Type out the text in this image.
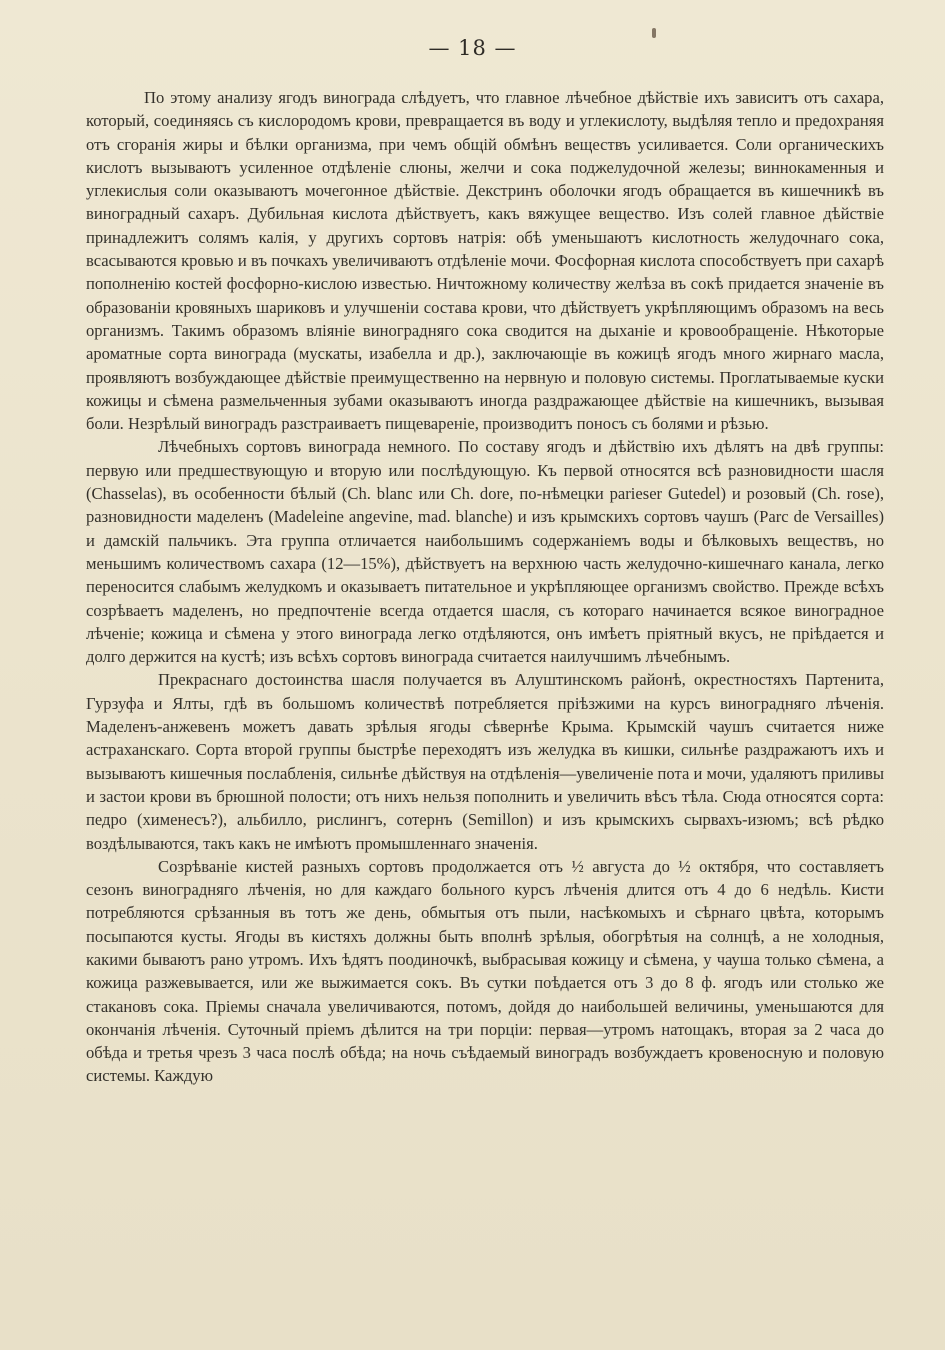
— 18 —

По этому анализу ягодъ винограда слѣдуетъ, что главное лѣчебное дѣйствіе ихъ зависитъ отъ сахара, который, соединяясь съ кислородомъ крови, превращается въ воду и углекислоту, выдѣляя тепло и предохраняя отъ сгоранія жиры и бѣлки организма, при чемъ общій обмѣнъ веществъ усиливается. Соли органическихъ кислотъ вызываютъ усиленное отдѣленіе слюны, желчи и сока поджелудочной железы; виннокаменныя и углекислыя соли оказываютъ мочегонное дѣйствіе. Декстринъ оболочки ягодъ обращается въ кишечникѣ въ виноградный сахаръ. Дубильная кислота дѣйствуетъ, какъ вяжущее вещество. Изъ солей главное дѣйствіе принадлежитъ солямъ калія, у другихъ сортовъ натрія: обѣ уменьшаютъ кислотность желудочнаго сока, всасываются кровью и въ почкахъ увеличиваютъ отдѣленіе мочи. Фосфорная кислота способствуетъ при сахарѣ пополненію костей фосфорно-кислою известью. Ничтожному количеству желѣза въ сокѣ придается значеніе въ образованіи кровяныхъ шариковъ и улучшеніи состава крови, что дѣйствуетъ укрѣпляющимъ образомъ на весь организмъ. Такимъ образомъ вліяніе виноградняго сока сводится на дыханіе и кровообращеніе. Нѣкоторые ароматные сорта винограда (мускаты, изабелла и др.), заключающіе въ кожицѣ ягодъ много жирнаго масла, проявляютъ возбуждающее дѣйствіе преимущественно на нервную и половую системы. Проглатываемые куски кожицы и сѣмена размельченныя зубами оказываютъ иногда раздражающее дѣйствіе на кишечникъ, вызывая боли. Незрѣлый виноградъ разстраиваетъ пищевареніе, производитъ поносъ съ болями и рѣзью.

Лѣчебныхъ сортовъ винограда немного. По составу ягодъ и дѣйствію ихъ дѣлятъ на двѣ группы: первую или предшествующую и вторую или послѣдующую. Къ первой относятся всѣ разновидности шасля (Chasselas), въ особенности бѣлый (Ch. blanc или Ch. dore, по-нѣмецки parieser Gutedel) и розовый (Ch. rose), разновидности маделенъ (Madeleine angevine, mad. blanche) и изъ крымскихъ сортовъ чаушъ (Parc de Versailles) и дамскій пальчикъ. Эта группа отличается наибольшимъ содержаніемъ воды и бѣлковыхъ веществъ, но меньшимъ количествомъ сахара (12—15%), дѣйствуетъ на верхнюю часть желудочно-кишечнаго канала, легко переносится слабымъ желудкомъ и оказываетъ питательное и укрѣпляющее организмъ свойство. Прежде всѣхъ созрѣваетъ маделенъ, но предпочтеніе всегда отдается шасля, съ котораго начинается всякое виноградное лѣченіе; кожица и сѣмена у этого винограда легко отдѣляются, онъ имѣетъ пріятный вкусъ, не пріѣдается и долго держится на кустѣ; изъ всѣхъ сортовъ винограда считается наилучшимъ лѣчебнымъ.

Прекраснаго достоинства шасля получается въ Алуштинскомъ районѣ, окрестностяхъ Партенита, Гурзуфа и Ялты, гдѣ въ большомъ количествѣ потребляется пріѣзжими на курсъ виноградняго лѣченія. Маделенъ-анжевенъ можетъ давать зрѣлыя ягоды сѣвернѣе Крыма. Крымскій чаушъ считается ниже астраханскаго. Сорта второй группы быстрѣе переходятъ изъ желудка въ кишки, сильнѣе раздражаютъ ихъ и вызываютъ кишечныя послабленія, сильнѣе дѣйствуя на отдѣленія—увеличеніе пота и мочи, удаляютъ приливы и застои крови въ брюшной полости; отъ нихъ нельзя пополнить и увеличить вѣсъ тѣла. Сюда относятся сорта: педро (хименесъ?), альбилло, рислингъ, сотернъ (Semillon) и изъ крымскихъ сырвахъ-изюмъ; всѣ рѣдко воздѣлываются, такъ какъ не имѣютъ промышленнаго значенія.

Созрѣваніе кистей разныхъ сортовъ продолжается отъ ½ августа до ½ октября, что составляетъ сезонъ виноградняго лѣченія, но для каждаго больного курсъ лѣченія длится отъ 4 до 6 недѣль. Кисти потребляются срѣзанныя въ тотъ же день, обмытыя отъ пыли, насѣкомыхъ и сѣрнаго цвѣта, которымъ посыпаются кусты. Ягоды въ кистяхъ должны быть вполнѣ зрѣлыя, обогрѣтыя на солнцѣ, а не холодныя, какими бываютъ рано утромъ. Ихъ ѣдятъ поодиночкѣ, выбрасывая кожицу и сѣмена, у чауша только сѣмена, а кожица разжевывается, или же выжимается сокъ. Въ сутки поѣдается отъ 3 до 8 ф. ягодъ или столько же стакановъ сока. Пріемы сначала увеличиваются, потомъ, дойдя до наибольшей величины, уменьшаются для окончанія лѣченія. Суточный пріемъ дѣлится на три порціи: первая—утромъ натощакъ, вторая за 2 часа до обѣда и третья чрезъ 3 часа послѣ обѣда; на ночь съѣдаемый виноградъ возбуждаетъ кровеносную и половую системы. Каждую
